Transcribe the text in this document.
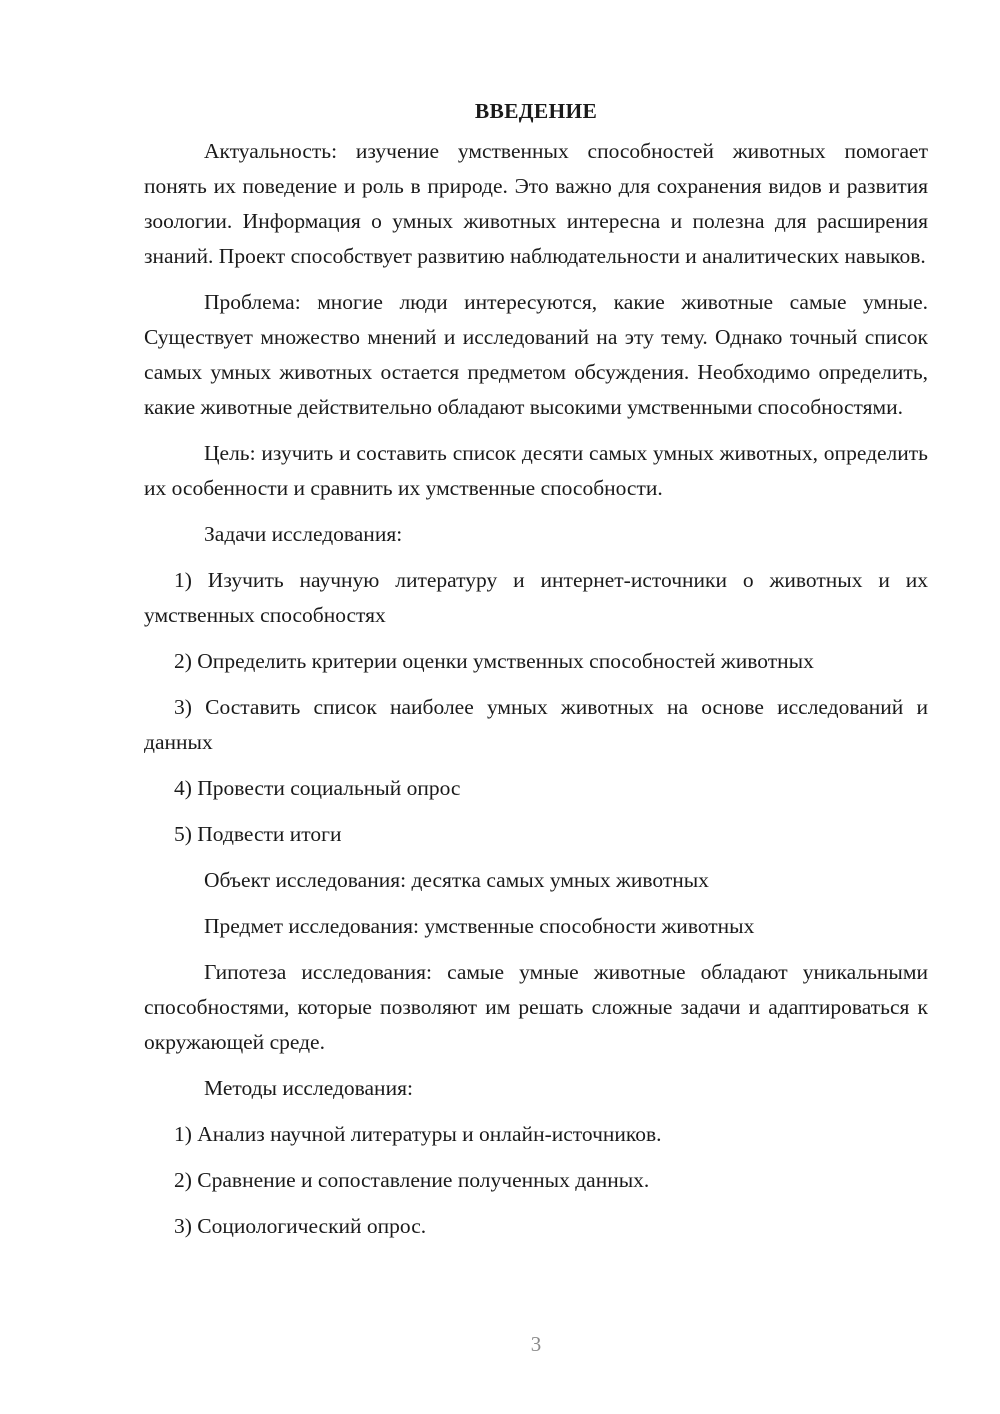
ВВЕДЕНИЕ

Актуальность: изучение умственных способностей животных помогает понять их поведение и роль в природе. Это важно для сохранения видов и развития зоологии. Информация о умных животных интересна и полезна для расширения знаний. Проект способствует развитию наблюдательности и аналитических навыков.

Проблема: многие люди интересуются, какие животные самые умные. Существует множество мнений и исследований на эту тему. Однако точный список самых умных животных остается предметом обсуждения. Необходимо определить, какие животные действительно обладают высокими умственными способностями.

Цель: изучить и составить список десяти самых умных животных, определить их особенности и сравнить их умственные способности.

Задачи исследования:

1) Изучить научную литературу и интернет-источники о животных и их умственных способностях

2) Определить критерии оценки умственных способностей животных

3) Составить список наиболее умных животных на основе исследований и данных

4) Провести социальный опрос

5) Подвести итоги

Объект исследования: десятка самых умных животных

Предмет исследования: умственные способности животных

Гипотеза исследования: самые умные животные обладают уникальными способностями, которые позволяют им решать сложные задачи и адаптироваться к окружающей среде.

Методы исследования:

1) Анализ научной литературы и онлайн-источников.

2) Сравнение и сопоставление полученных данных.

3) Социологический опрос.

3
